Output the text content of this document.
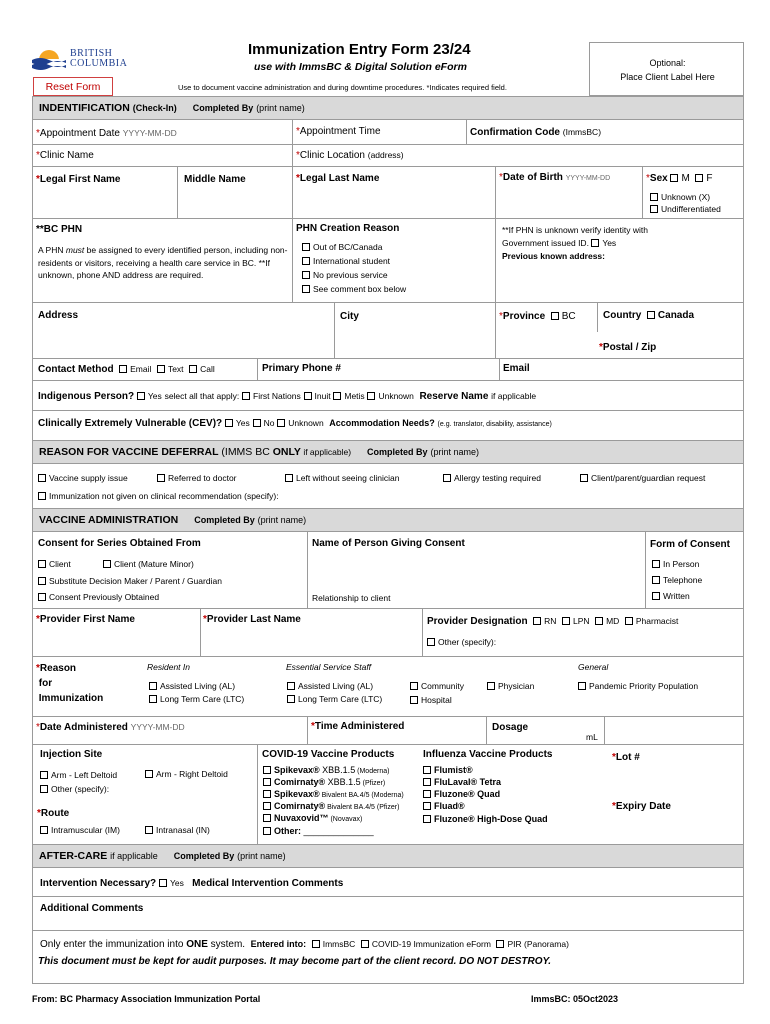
BRITISH
COLUMBIA
Immunization Entry Form 23/24
use with ImmsBC & Digital Solution eForm
Use to document vaccine administration and during downtime procedures. *Indicates required field.
Reset Form
Optional:
Place Client Label Here
INDENTIFICATION (Check-In) Completed By
(print name)
*Appointment Date YYYY-MM-DD	*Appointment Time	Confirmation Code (ImmsBC)
*Clinic Name	*Clinic Location (address)
*Legal First Name	Middle Name	*Legal Last Name	*Date of Birth YYYY-MM-DD	*Sex M F
Unknown (X)
Undifferentiated
**BC PHN
A PHN must be assigned to every identified person, including non-residents or visitors, receiving a health care service in BC. **If unknown, phone AND address are required.
PHN Creation Reason
Out of BC/Canada
International student
No previous service
See comment box below
**If PHN is unknown verify identity with
Government issued ID. Yes
Previous known address:
Address	City	*Province BC	Country Canada
*Postal / Zip
Contact Method Email Text Call	Primary Phone #	Email
Indigenous Person? Yes select all that apply: First Nations Inuit Metis Unknown Reserve Name if applicable
Clinically Extremely Vulnerable (CEV)? Yes No Unknown Accommodation Needs? (e.g. translator, disability, assistance)
REASON FOR VACCINE DEFERRAL (IMMS BC ONLY if applicable) Completed By
(print name)
Vaccine supply issue	Referred to doctor	Left without seeing clinician	Allergy testing required	Client/parent/guardian request
Immunization not given on clinical recommendation (specify):
VACCINE ADMINISTRATION Completed By
(print name)
Consent for Series Obtained From
Client	Client (Mature Minor)
Substitute Decision Maker / Parent / Guardian
Consent Previously Obtained
Name of Person Giving Consent
Relationship to client
Form of Consent
In Person
Telephone
Written
*Provider First Name	*Provider Last Name	Provider Designation RN LPN MD Pharmacist
Other (specify):
*Reason
for
Immunization
Resident In
Assisted Living (AL)
Long Term Care (LTC)
Essential Service Staff
Assisted Living (AL)
Long Term Care (LTC)
Community
Hospital
Physician
General
Pandemic Priority Population
*Date Administered YYYY-MM-DD	*Time Administered	Dosage
mL
Injection Site
Arm - Left Deltoid	Arm - Right Deltoid
Other (specify):
*Route
Intramuscular (IM)	Intranasal (IN)
COVID-19 Vaccine Products
Spikevax® XBB.1.5 (Moderna)
Comirnaty® XBB.1.5 (Pfizer)
Spikevax® Bivalent BA.4/5 (Moderna)
Comirnaty® Bivalent BA.4/5 (Pfizer)
Nuvaxovid™ (Novavax)
Other: ______________
Influenza Vaccine Products
Flumist®
FluLaval® Tetra
Fluzone® Quad
Fluad®
Fluzone® High-Dose Quad
*Lot #
*Expiry Date
AFTER-CARE if applicable Completed By
(print name)
Intervention Necessary? Yes Medical Intervention Comments
Additional Comments
Only enter the immunization into ONE system. Entered into: ImmsBC COVID-19 Immunization eForm PIR (Panorama)
This document must be kept for audit purposes. It may become part of the client record. DO NOT DESTROY.
From: BC Pharmacy Association Immunization Portal	ImmsBC: 05Oct2023
